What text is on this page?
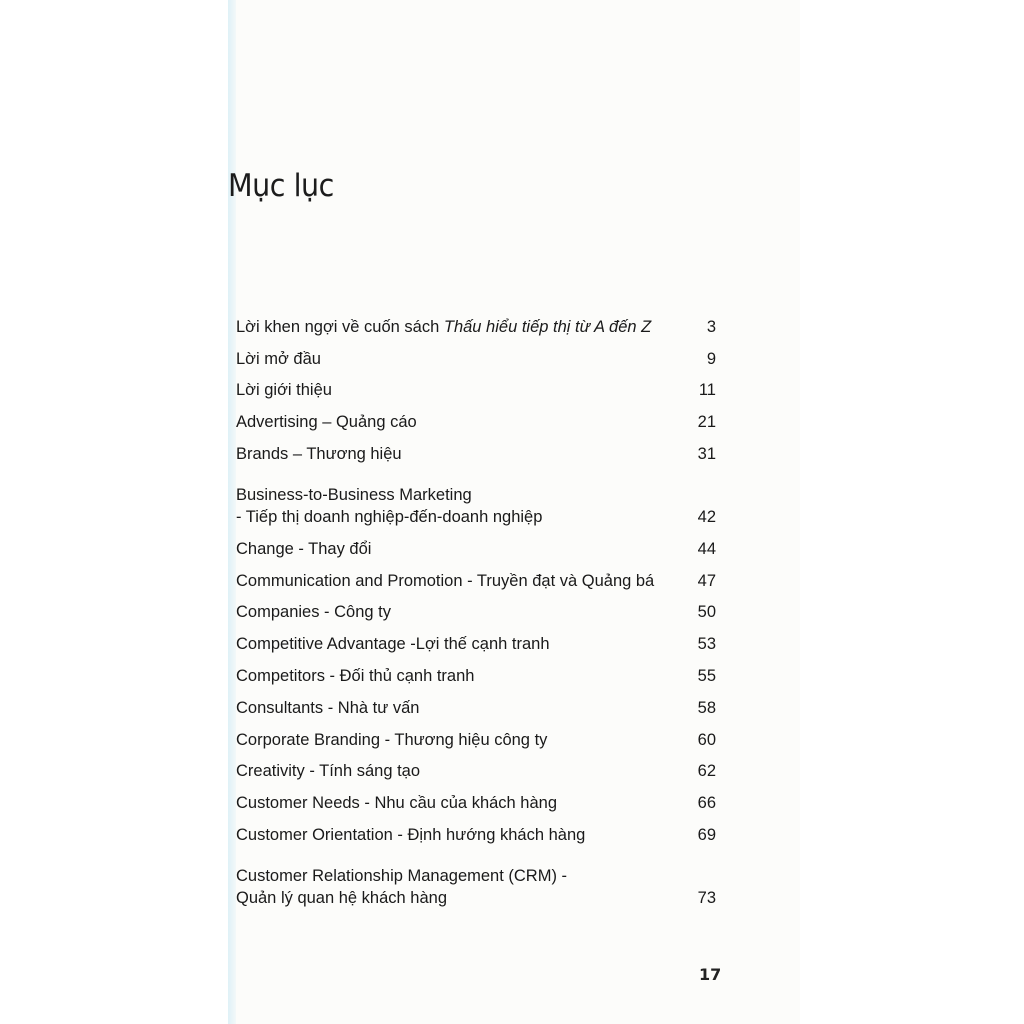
Mục lục
Lời khen ngợi về cuốn sách Thấu hiểu tiếp thị từ A đến Z	3
Lời mở đầu	9
Lời giới thiệu	11
Advertising – Quảng cáo	21
Brands – Thương hiệu	31
Business-to-Business Marketing
- Tiếp thị doanh nghiệp-đến-doanh nghiệp	42
Change - Thay đổi	44
Communication and Promotion - Truyền đạt và Quảng bá	47
Companies - Công ty	50
Competitive Advantage -Lợi thế cạnh tranh	53
Competitors - Đối thủ cạnh tranh	55
Consultants - Nhà tư vấn	58
Corporate Branding - Thương hiệu công ty	60
Creativity - Tính sáng tạo	62
Customer Needs - Nhu cầu của khách hàng	66
Customer Orientation - Định hướng khách hàng	69
Customer Relationship Management (CRM) -
Quản lý quan hệ khách hàng	73
17
